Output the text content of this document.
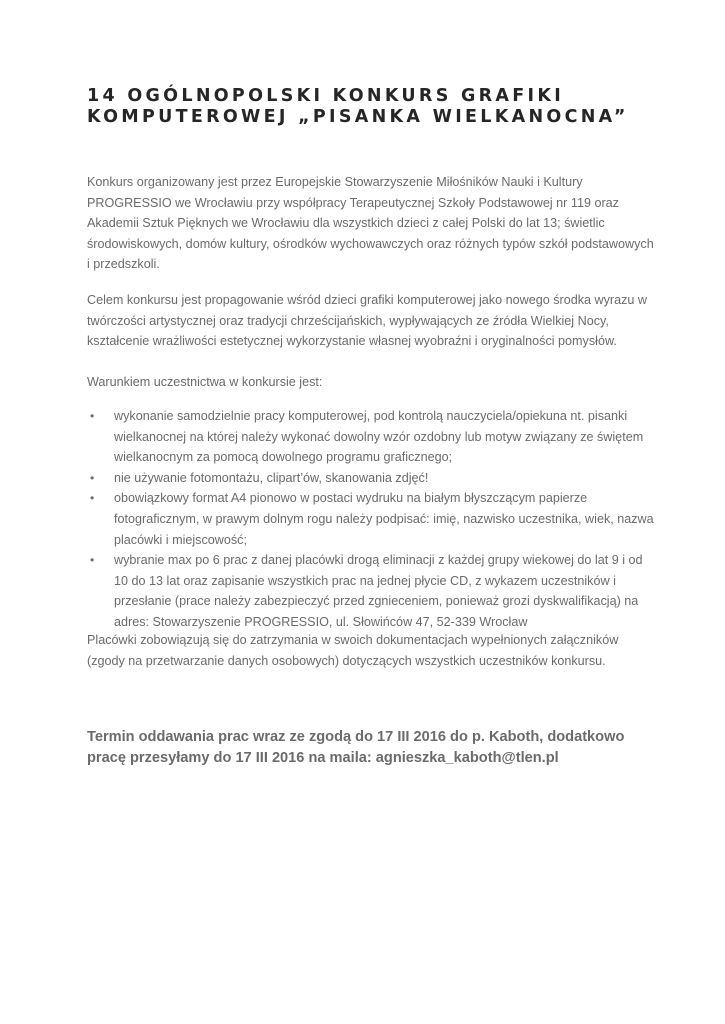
14 OGÓLNOPOLSKI KONKURS GRAFIKI
KOMPUTEROWEJ „PISANKA WIELKANOCNA”

Konkurs organizowany jest przez Europejskie Stowarzyszenie Miłośników Nauki i Kultury
PROGRESSIO we Wrocławiu przy współpracy Terapeutycznej Szkoły Podstawowej nr 119 oraz
Akademii Sztuk Pięknych we Wrocławiu dla wszystkich dzieci z całej Polski do lat 13; świetlic
środowiskowych, domów kultury, ośrodków wychowawczych oraz różnych typów szkół podstawowych
i przedszkoli.

Celem konkursu jest propagowanie wśród dzieci grafiki komputerowej jako nowego środka wyrazu w
twórczości artystycznej oraz tradycji chrześcijańskich, wypływających ze źródła Wielkiej Nocy,
kształcenie wrażliwości estetycznej wykorzystanie własnej wyobraźni i oryginalności pomysłów.

Warunkiem uczestnictwa w konkursie jest:

• wykonanie samodzielnie pracy komputerowej, pod kontrolą nauczyciela/opiekuna nt. pisanki
wielkanocnej na której należy wykonać dowolny wzór ozdobny lub motyw związany ze świętem
wielkanocnym za pomocą dowolnego programu graficznego;
• nie używanie fotomontażu, clipart’ów, skanowania zdjęć!
• obowiązkowy format A4 pionowo w postaci wydruku na białym błyszczącym papierze
fotograficznym, w prawym dolnym rogu należy podpisać: imię, nazwisko uczestnika, wiek, nazwa
placówki i miejscowość;
• wybranie max po 6 prac z danej placówki drogą eliminacji z każdej grupy wiekowej do lat 9 i od
10 do 13 lat oraz zapisanie wszystkich prac na jednej płycie CD, z wykazem uczestników i
przesłanie (prace należy zabezpieczyć przed zgnieceniem, ponieważ grozi dyskwalifikacją) na
adres: Stowarzyszenie PROGRESSIO, ul. Słowińców 47, 52-339 Wrocław

Placówki zobowiązują się do zatrzymania w swoich dokumentacjach wypełnionych załączników
(zgody na przetwarzanie danych osobowych) dotyczących wszystkich uczestników konkursu.

Termin oddawania prac wraz ze zgodą do 17 III 2016 do p. Kaboth, dodatkowo
pracę przesyłamy do 17 III 2016 na maila: agnieszka_kaboth@tlen.pl
